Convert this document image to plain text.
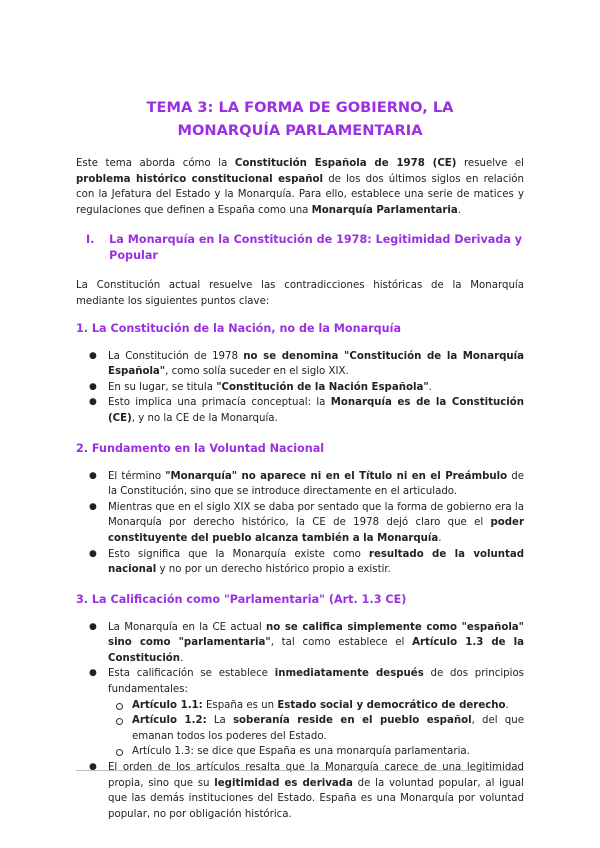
TEMA 3: LA FORMA DE GOBIERNO, LA MONARQUÍA PARLAMENTARIA

Este tema aborda cómo la Constitución Española de 1978 (CE) resuelve el problema histórico constitucional español de los dos últimos siglos en relación con la Jefatura del Estado y la Monarquía. Para ello, establece una serie de matices y regulaciones que definen a España como una Monarquía Parlamentaria.

I.	La Monarquía en la Constitución de 1978: Legitimidad Derivada y Popular

La Constitución actual resuelve las contradicciones históricas de la Monarquía mediante los siguientes puntos clave:

1. La Constitución de la Nación, no de la Monarquía
● La Constitución de 1978 no se denomina "Constitución de la Monarquía Española", como solía suceder en el siglo XIX.
● En su lugar, se titula "Constitución de la Nación Española".
● Esto implica una primacía conceptual: la Monarquía es de la Constitución (CE), y no la CE de la Monarquía.
2. Fundamento en la Voluntad Nacional
● El término "Monarquía" no aparece ni en el Título ni en el Preámbulo de la Constitución, sino que se introduce directamente en el articulado.
● Mientras que en el siglo XIX se daba por sentado que la forma de gobierno era la Monarquía por derecho histórico, la CE de 1978 dejó claro que el poder constituyente del pueblo alcanza también a la Monarquía.
● Esto significa que la Monarquía existe como resultado de la voluntad nacional y no por un derecho histórico propio a existir.
3. La Calificación como "Parlamentaria" (Art. 1.3 CE)
● La Monarquía en la CE actual no se califica simplemente como "española" sino como "parlamentaria", tal como establece el Artículo 1.3 de la Constitución.
● Esta calificación se establece inmediatamente después de dos principios fundamentales:
Artículo 1.1: España es un Estado social y democrático de derecho.
Artículo 1.2: La soberanía reside en el pueblo español, del que emanan todos los poderes del Estado.
Artículo 1.3: se dice que España es una monarquía parlamentaria.
● El orden de los artículos resalta que la Monarquía carece de una legitimidad propia, sino que su legitimidad es derivada de la voluntad popular, al igual que las demás instituciones del Estado. España es una Monarquía por voluntad popular, no por obligación histórica.
